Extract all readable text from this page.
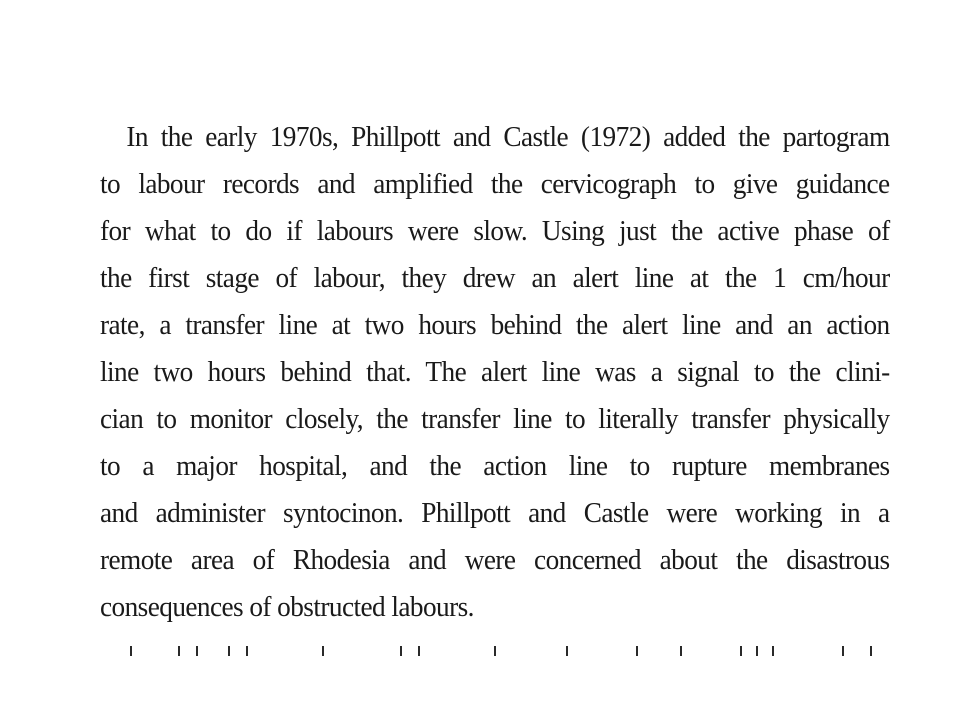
In the early 1970s, Phillpott and Castle (1972) added the partogram
to labour records and amplified the cervicograph to give guidance
for what to do if labours were slow. Using just the active phase of
the first stage of labour, they drew an alert line at the 1 cm/hour
rate, a transfer line at two hours behind the alert line and an action
line two hours behind that. The alert line was a signal to the clini-
cian to monitor closely, the transfer line to literally transfer physically
to a major hospital, and the action line to rupture membranes
and administer syntocinon. Phillpott and Castle were working in a
remote area of Rhodesia and were concerned about the disastrous
consequences of obstructed labours.
